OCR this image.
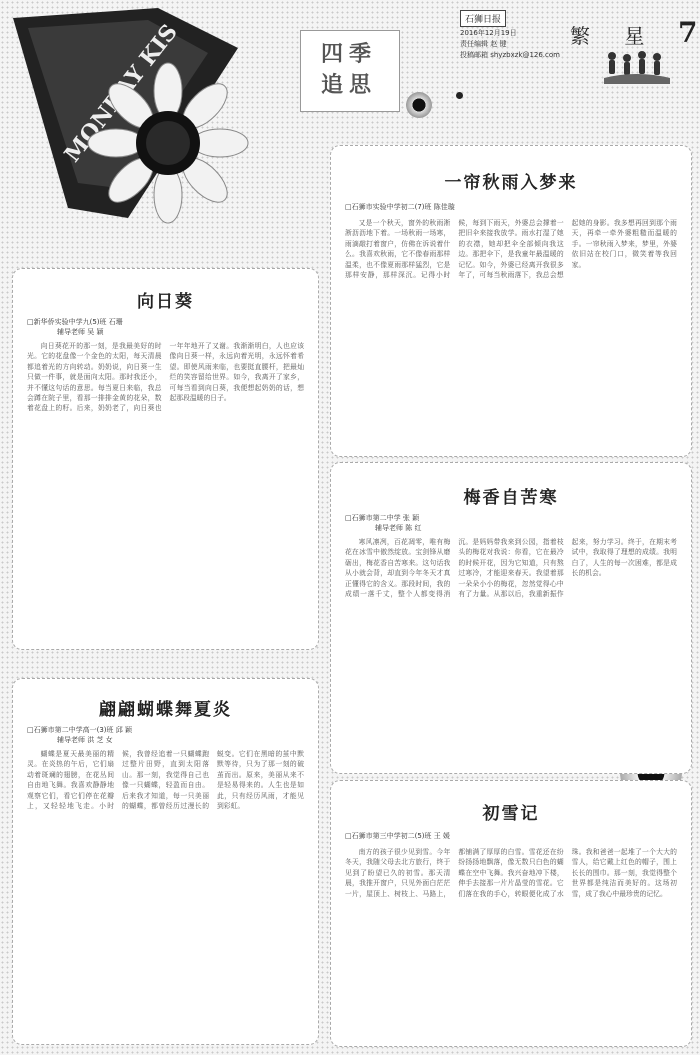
石狮日报
2016年12月19日
责任编辑 赵 键
投稿邮箱 shyzbxzk@126.com
繁 星 7
MONDAY KIS	四季
追思
向日葵
□新华侨实验中学九(5)班 石珊
辅导老师 吴 颖

向日葵花开的那一刻，是我最美好的时光。它的花盘像一个金色的太阳，每天清晨都追着光的方向转动。奶奶说，向日葵一生只做一件事，就是面向太阳。那时我还小，并不懂这句话的意思。每当夏日来临，我总会蹲在院子里，看那一排排金黄的花朵，数着花盘上的籽。后来，奶奶老了，向日葵也一年年地开了又谢。我渐渐明白，人也应该像向日葵一样，永远向着光明，永远怀着希望。即使风雨来临，也要挺直腰杆，把最灿烂的笑容留给世界。如今，我离开了家乡，可每当看到向日葵，我便想起奶奶的话，想起那段温暖的日子。

翩翩蝴蝶舞夏炎
□石狮市第二中学高一(3)班 邱 颖
辅导老师 洪 芝 女

蝴蝶是夏天最美丽的精灵。在炎热的午后，它们扇动着斑斓的翅膀，在花丛间自由地飞舞。我喜欢静静地观察它们，看它们停在花瓣上，又轻轻地飞走。小时候，我曾经追着一只蝴蝶跑过整片田野，直到太阳落山。那一刻，我觉得自己也像一只蝴蝶，轻盈而自由。后来我才知道，每一只美丽的蝴蝶，都曾经历过漫长的蜕变。它们在黑暗的茧中默默等待，只为了那一刻的破茧而出。原来，美丽从来不是轻易得来的。人生也是如此，只有经历风雨，才能见到彩虹。

一帘秋雨入梦来
□石狮市实验中学初二(7)班 陈佳璇

又是一个秋天，窗外的秋雨淅淅沥沥地下着。一场秋雨一场寒，雨滴敲打着窗户，仿佛在诉说着什么。我喜欢秋雨，它不像春雨那样温柔，也不像夏雨那样猛烈，它是那样安静，那样深沉。记得小时候，每到下雨天，外婆总会撑着一把旧伞来接我放学。雨水打湿了她的衣襟，她却把伞全部倾向我这边。那把伞下，是我童年最温暖的记忆。如今，外婆已经离开我很多年了，可每当秋雨落下，我总会想起她的身影。我多想再回到那个雨天，再牵一牵外婆粗糙而温暖的手。一帘秋雨入梦来，梦里，外婆依旧站在校门口，微笑着等我回家。

梅香自苦寒
□石狮市第二中学 张 颖
辅导老师 陈 红

寒风凛冽，百花凋零，唯有梅花在冰雪中傲然绽放。宝剑锋从磨砺出，梅花香自苦寒来。这句话我从小就会背，却直到今年冬天才真正懂得它的含义。那段时间，我的成绩一落千丈，整个人都变得消沉。是妈妈带我来到公园，指着枝头的梅花对我说：你看，它在最冷的时候开花，因为它知道，只有熬过寒冷，才能迎来春天。我望着那一朵朵小小的梅花，忽然觉得心中有了力量。从那以后，我重新振作起来，努力学习。终于，在期末考试中，我取得了理想的成绩。我明白了，人生的每一次困难，都是成长的机会。

初雪记
□石狮市第三中学初二(5)班 王 媛

南方的孩子很少见到雪。今年冬天，我随父母去北方旅行，终于见到了盼望已久的初雪。那天清晨，我推开窗户，只见外面白茫茫一片，屋顶上、树枝上、马路上，都铺满了厚厚的白雪。雪花还在纷纷扬扬地飘落，像无数只白色的蝴蝶在空中飞舞。我兴奋地冲下楼，伸手去接那一片片晶莹的雪花。它们落在我的手心，转眼便化成了水珠。我和爸爸一起堆了一个大大的雪人，给它戴上红色的帽子，围上长长的围巾。那一刻，我觉得整个世界都是纯洁而美好的。这场初雪，成了我心中最珍贵的记忆。
